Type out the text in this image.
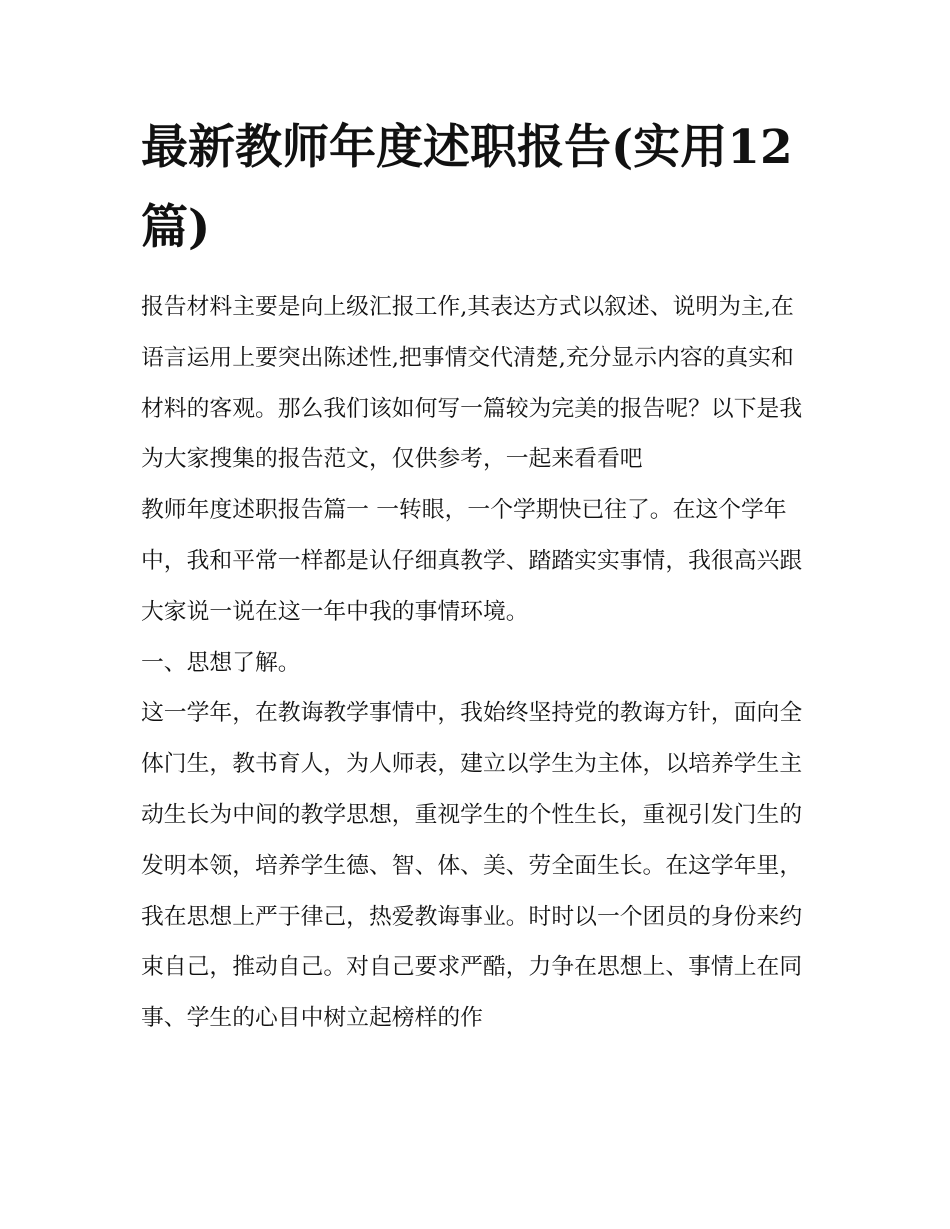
最新教师年度述职报告(实用12篇)

报告材料主要是向上级汇报工作,其表达方式以叙述、说明为主,在语言运用上要突出陈述性,把事情交代清楚,充分显示内容的真实和材料的客观。那么我们该如何写一篇较为完美的报告呢？以下是我为大家搜集的报告范文，仅供参考，一起来看看吧

教师年度述职报告篇一 一转眼，一个学期快已往了。在这个学年中，我和平常一样都是认仔细真教学、踏踏实实事情，我很高兴跟大家说一说在这一年中我的事情环境。

一、思想了解。

这一学年，在教诲教学事情中，我始终坚持党的教诲方针，面向全体门生，教书育人，为人师表，建立以学生为主体，以培养学生主动生长为中间的教学思想，重视学生的个性生长，重视引发门生的发明本领，培养学生德、智、体、美、劳全面生长。在这学年里，我在思想上严于律己，热爱教诲事业。时时以一个团员的身份来约束自己，推动自己。对自己要求严酷，力争在思想上、事情上在同事、学生的心目中树立起榜样的作
